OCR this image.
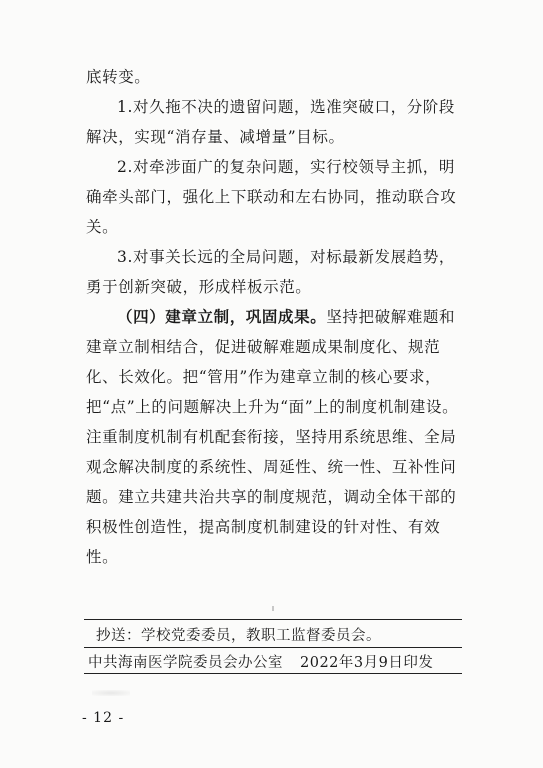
底转变。

1.对久拖不决的遗留问题，选准突破口，分阶段解决，实现“消存量、减增量”目标。

2.对牵涉面广的复杂问题，实行校领导主抓，明确牵头部门，强化上下联动和左右协同，推动联合攻关。

3.对事关长远的全局问题，对标最新发展趋势，勇于创新突破，形成样板示范。

（四）建章立制，巩固成果。坚持把破解难题和建章立制相结合，促进破解难题成果制度化、规范化、长效化。把“管用”作为建章立制的核心要求，把“点”上的问题解决上升为“面”上的制度机制建设。注重制度机制有机配套衔接，坚持用系统思维、全局观念解决制度的系统性、周延性、统一性、互补性问题。建立共建共治共享的制度规范，调动全体干部的积极性创造性，提高制度机制建设的针对性、有效性。

抄送：学校党委委员，教职工监督委员会。
中共海南医学院委员会办公室 2022年3月9日印发
- 12 -
